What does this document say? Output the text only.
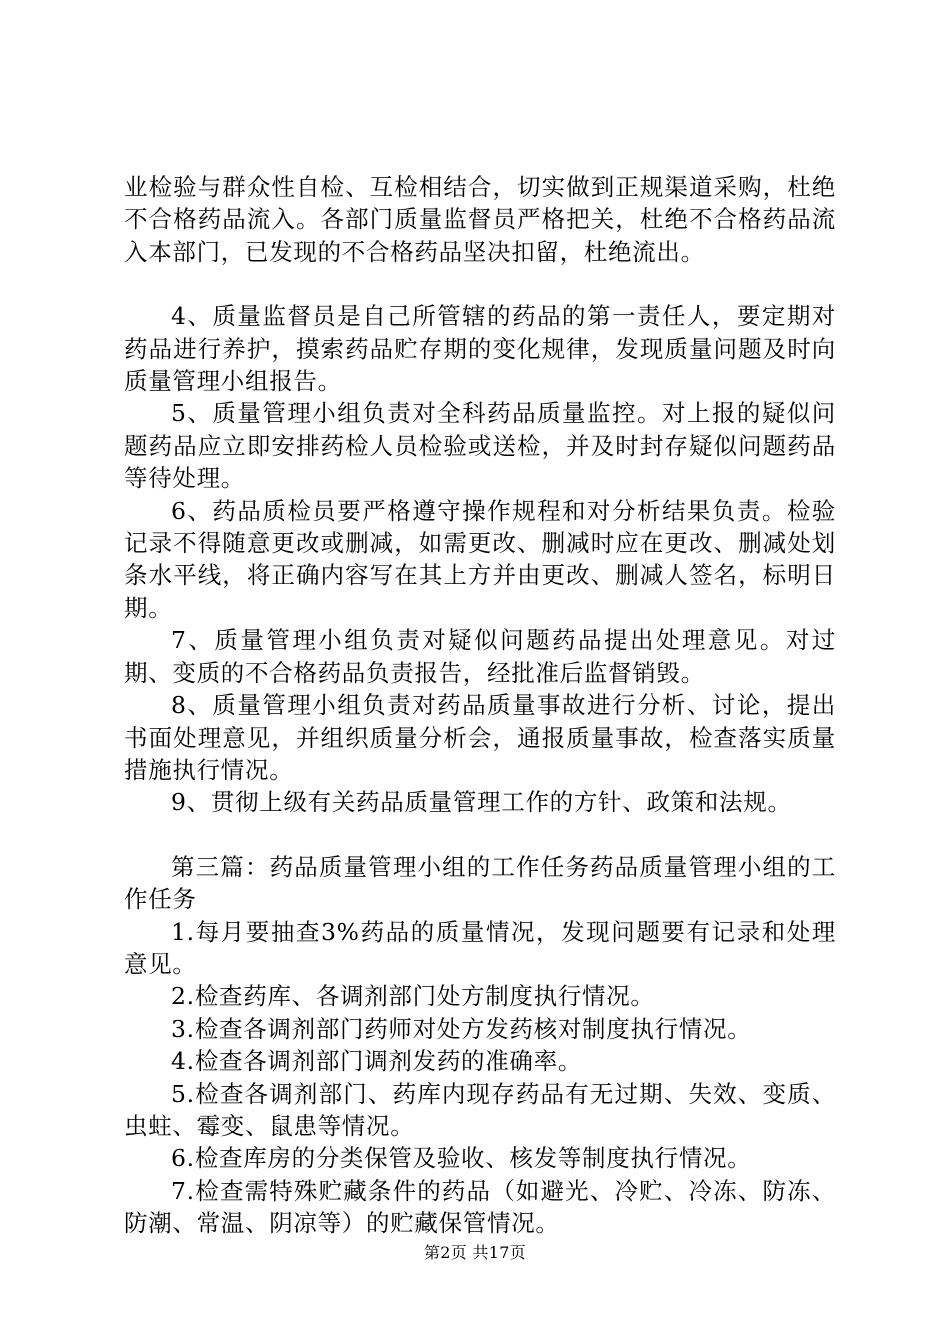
业检验与群众性自检、互检相结合，切实做到正规渠道采购，杜绝不合格药品流入。各部门质量监督员严格把关，杜绝不合格药品流入本部门，已发现的不合格药品坚决扣留，杜绝流出。

4、质量监督员是自己所管辖的药品的第一责任人，要定期对药品进行养护，摸索药品贮存期的变化规律，发现质量问题及时向质量管理小组报告。

5、质量管理小组负责对全科药品质量监控。对上报的疑似问题药品应立即安排药检人员检验或送检，并及时封存疑似问题药品等待处理。

6、药品质检员要严格遵守操作规程和对分析结果负责。检验记录不得随意更改或删减，如需更改、删减时应在更改、删减处划条水平线，将正确内容写在其上方并由更改、删减人签名，标明日期。

7、质量管理小组负责对疑似问题药品提出处理意见。对过期、变质的不合格药品负责报告，经批准后监督销毁。

8、质量管理小组负责对药品质量事故进行分析、讨论，提出书面处理意见，并组织质量分析会，通报质量事故，检查落实质量措施执行情况。

9、贯彻上级有关药品质量管理工作的方针、政策和法规。

第三篇：药品质量管理小组的工作任务药品质量管理小组的工作任务

1.每月要抽查3%药品的质量情况，发现问题要有记录和处理意见。

2.检查药库、各调剂部门处方制度执行情况。

3.检查各调剂部门药师对处方发药核对制度执行情况。

4.检查各调剂部门调剂发药的准确率。

5.检查各调剂部门、药库内现存药品有无过期、失效、变质、虫蛀、霉变、鼠患等情况。

6.检查库房的分类保管及验收、核发等制度执行情况。

7.检查需特殊贮藏条件的药品（如避光、冷贮、冷冻、防冻、防潮、常温、阴凉等）的贮藏保管情况。

第2页 共17页
